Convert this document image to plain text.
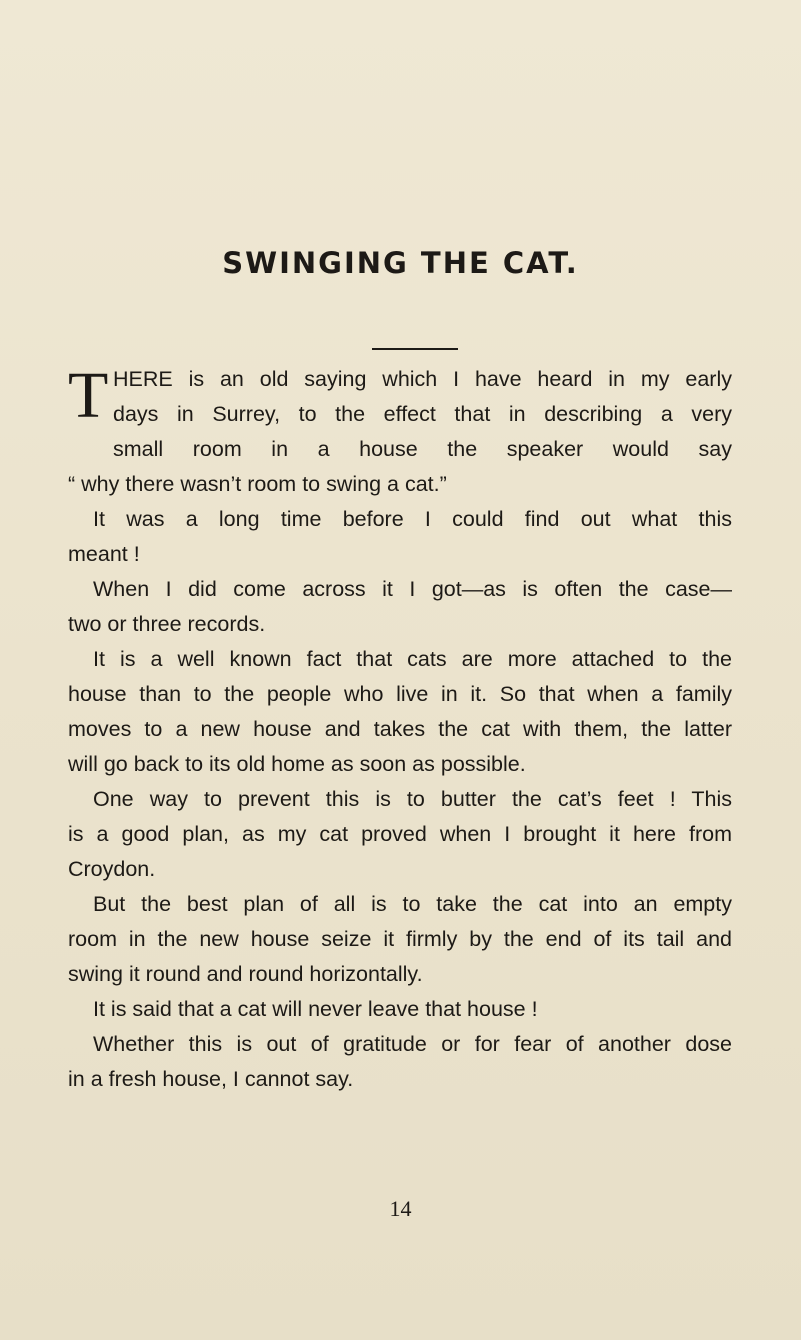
SWINGING THE CAT.
T HERE is an old saying which I have heard in my early
days in Surrey, to the effect that in describing a very
small room in a house the speaker would say
“ why there wasn’t room to swing a cat.”
It was a long time before I could find out what this
meant !
When I did come across it I got—as is often the case—
two or three records.
It is a well known fact that cats are more attached to the
house than to the people who live in it. So that when a family
moves to a new house and takes the cat with them, the latter
will go back to its old home as soon as possible.
One way to prevent this is to butter the cat’s feet ! This
is a good plan, as my cat proved when I brought it here from
Croydon.
But the best plan of all is to take the cat into an empty
room in the new house seize it firmly by the end of its tail and
swing it round and round horizontally.
It is said that a cat will never leave that house !
Whether this is out of gratitude or for fear of another dose
in a fresh house, I cannot say.
14
